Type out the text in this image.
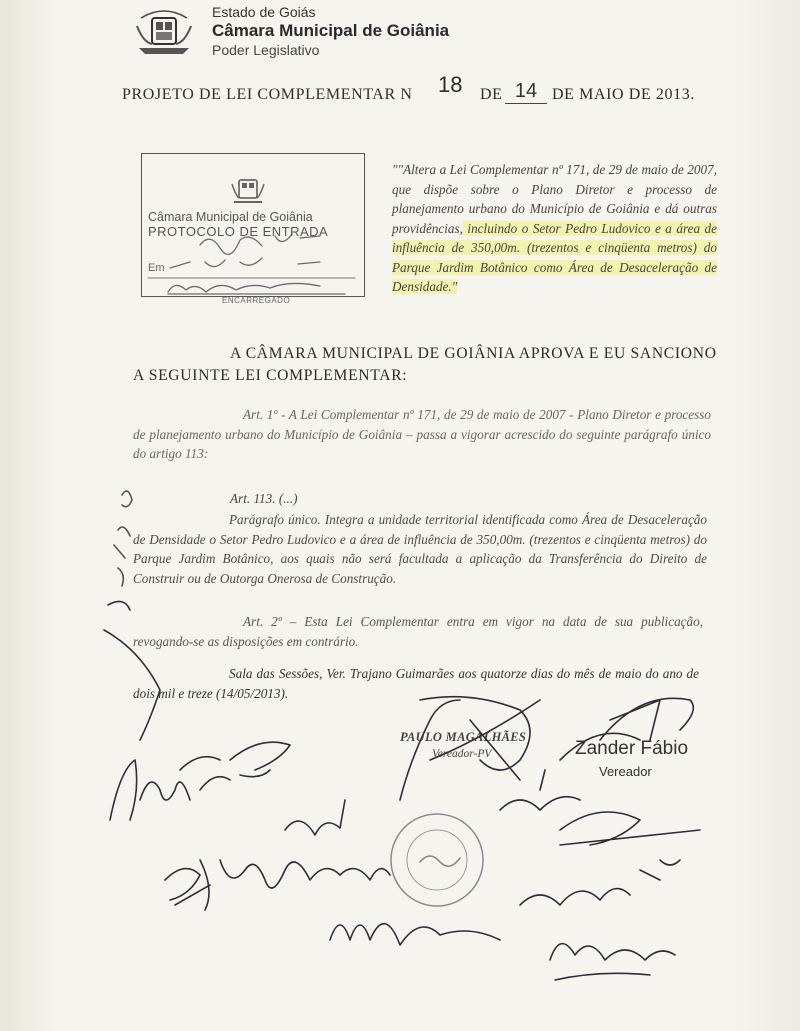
Estado de Goiás
Câmara Municipal de Goiânia
Poder Legislativo
PROJETO DE LEI COMPLEMENTAR N 18 DE 14 DE MAIO DE 2013.
Câmara Municipal de Goiânia
PROTOCOLO DE ENTRADA
Em
ENCARREGADO
""Altera a Lei Complementar nº 171, de 29 de maio de 2007, que dispõe sobre o Plano Diretor e processo de planejamento urbano do Município de Goiânia e dá outras providências, incluindo o Setor Pedro Ludovico e a área de influência de 350,00m. (trezentos e cinqüenta metros) do Parque Jardim Botânico como Área de Desaceleração de Densidade."
A CÂMARA MUNICIPAL DE GOIÂNIA APROVA E EU SANCIONO
A SEGUINTE LEI COMPLEMENTAR:
Art. 1º - A Lei Complementar nº 171, de 29 de maio de 2007 - Plano Diretor e processo de planejamento urbano do Município de Goiânia – passa a vigorar acrescido do seguinte parágrafo único do artigo 113:
Art. 113. (...)
Parágrafo único. Integra a unidade territorial identificada como Área de Desaceleração de Densidade o Setor Pedro Ludovico e a área de influência de 350,00m. (trezentos e cinqüenta metros) do Parque Jardim Botânico, aos quais não será facultada a aplicação da Transferência do Direito de Construir ou de Outorga Onerosa de Construção.
Art. 2º – Esta Lei Complementar entra em vigor na data de sua publicação, revogando-se as disposições em contrário.
Sala das Sessões, Ver. Trajano Guimarães aos quatorze dias do mês de maio do ano de dois mil e treze (14/05/2013).
PAULO MAGALHÃES
Vereador-PV	Zander Fábio
Vereador
